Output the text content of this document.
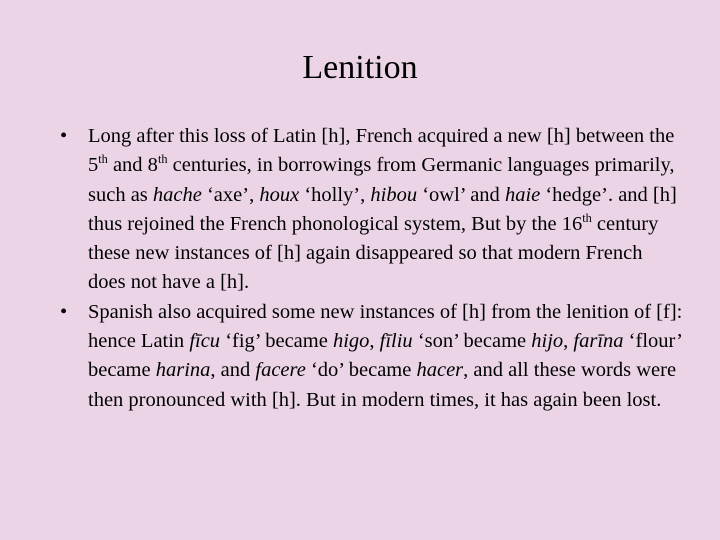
Lenition
•	Long after this loss of Latin [h], French acquired a new [h] between the 5th and 8th centuries, in borrowings from Germanic languages primarily, such as hache ‘axe’, houx ‘holly’, hibou ‘owl’ and haie ‘hedge’. and [h] thus rejoined the French phonological system, But by the 16th century these new instances of [h] again disappeared so that modern French does not have a [h].
•	Spanish also acquired some new instances of [h] from the lenition of [f]: hence Latin fīcu ‘fig’ became higo, fīliu ‘son’ became hijo, farīna ‘flour’ became harina, and facere ‘do’ became hacer, and all these words were then pronounced with [h]. But in modern times, it has again been lost.
